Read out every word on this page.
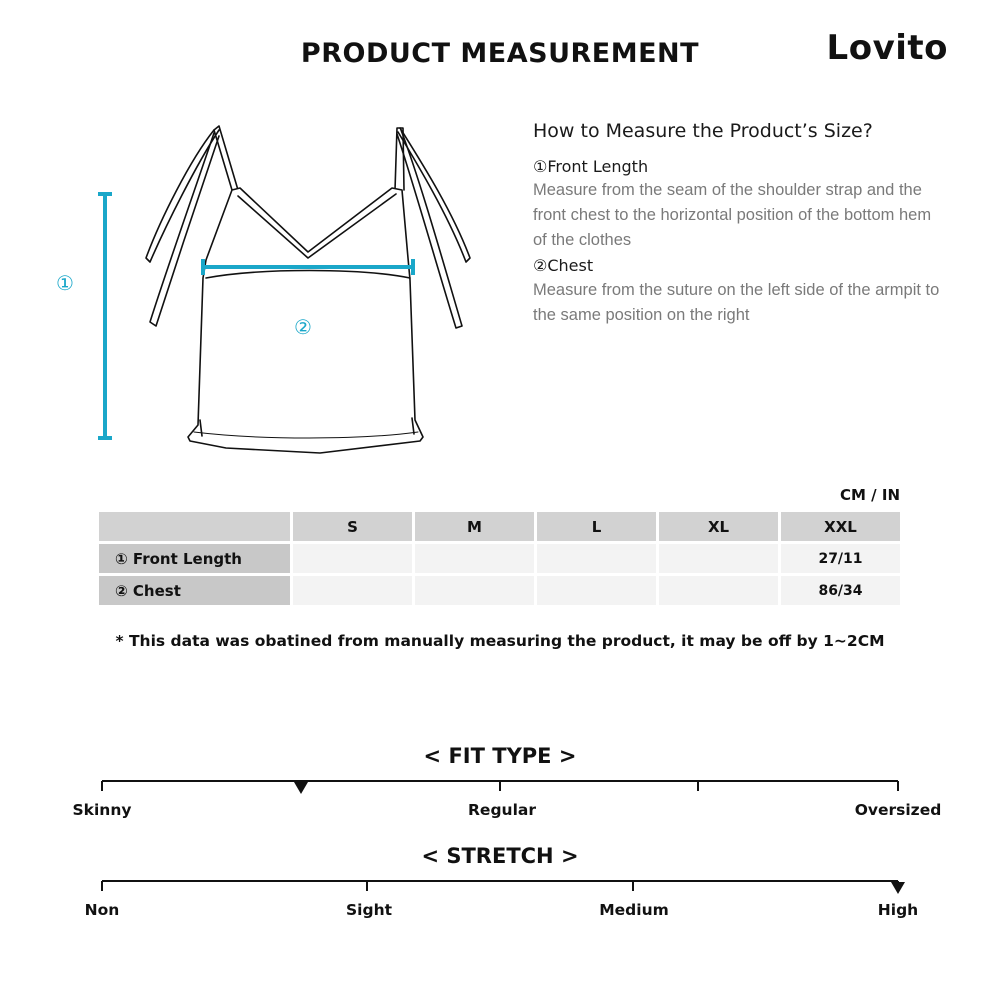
PRODUCT MEASUREMENT	Lovito
①
②
How to Measure the Product’s Size?
①Front Length
Measure from the seam of the shoulder strap and the front chest to the horizontal position of the bottom hem of the clothes
②Chest
Measure from the suture on the left side of the armpit to the same position on the right
CM / IN
	S	M	L	XL	XXL
① Front Length					27/11
② Chest					86/34
* This data was obatined from manually measuring the product, it may be off by 1~2CM
< FIT TYPE >
Skinny	Regular	Oversized
< STRETCH >
Non	Sight	Medium	High
